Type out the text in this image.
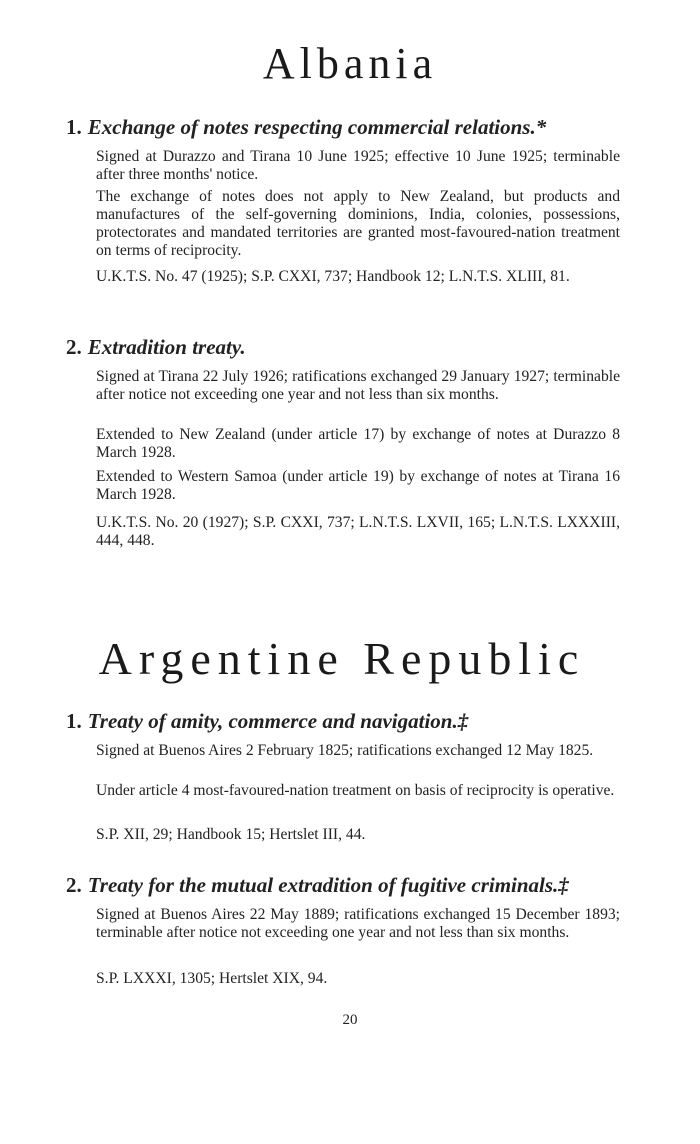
Albania
1. Exchange of notes respecting commercial relations.*

Signed at Durazzo and Tirana 10 June 1925; effective 10 June 1925; terminable after three months' notice.

The exchange of notes does not apply to New Zealand, but products and manufactures of the self-governing dominions, India, colonies, possessions, protectorates and mandated territories are granted most-favoured-nation treatment on terms of reciprocity.

U.K.T.S. No. 47 (1925); S.P. CXXI, 737; Handbook 12; L.N.T.S. XLIII, 81.

2. Extradition treaty.

Signed at Tirana 22 July 1926; ratifications exchanged 29 January 1927; terminable after notice not exceeding one year and not less than six months.

Extended to New Zealand (under article 17) by exchange of notes at Durazzo 8 March 1928.

Extended to Western Samoa (under article 19) by exchange of notes at Tirana 16 March 1928.

U.K.T.S. No. 20 (1927); S.P. CXXI, 737; L.N.T.S. LXVII, 165; L.N.T.S. LXXXIII, 444, 448.

Argentine Republic
1. Treaty of amity, commerce and navigation.‡

Signed at Buenos Aires 2 February 1825; ratifications exchanged 12 May 1825.

Under article 4 most-favoured-nation treatment on basis of reciprocity is operative.

S.P. XII, 29; Handbook 15; Hertslet III, 44.

2. Treaty for the mutual extradition of fugitive criminals.‡

Signed at Buenos Aires 22 May 1889; ratifications exchanged 15 December 1893; terminable after notice not exceeding one year and not less than six months.

S.P. LXXXI, 1305; Hertslet XIX, 94.

20
